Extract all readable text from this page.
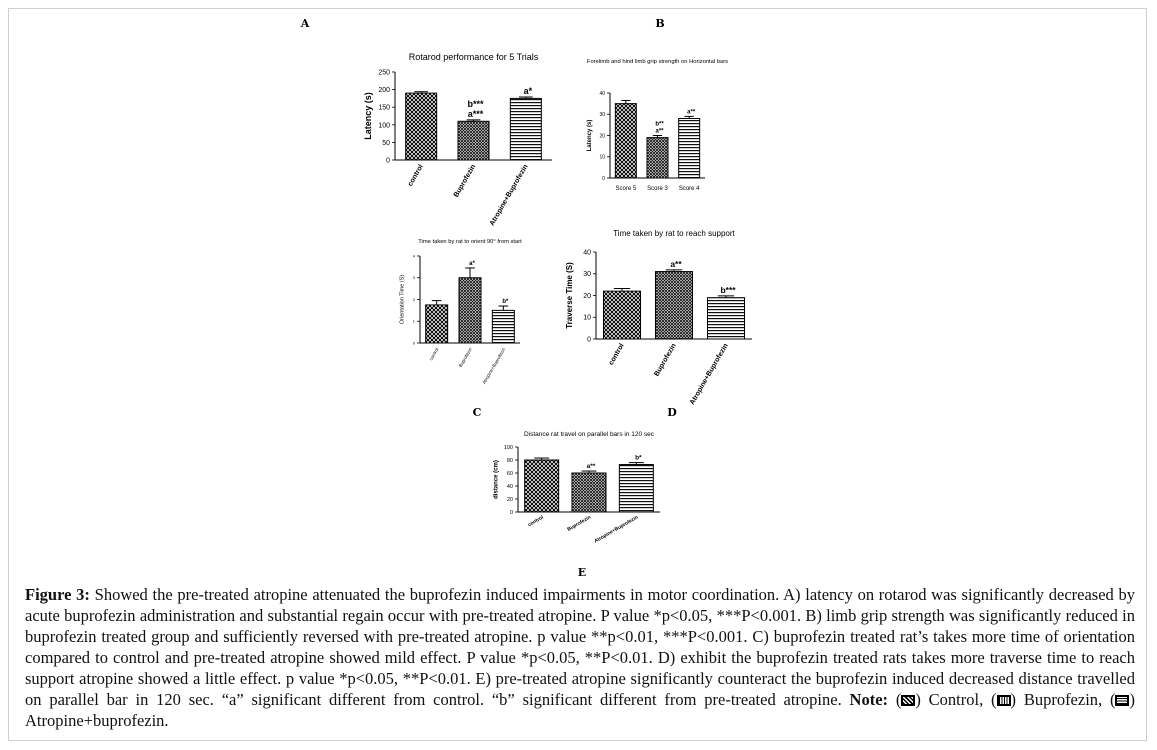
A	B
C	D
E
Rotarod performance for 5 Trials
0
50
100
150
200
250
Latency (s)
control
b***
a***
Buprofezin
a*
Atropine+Buprofezin
Forelimb and hind limb grip strength on Horizontal bars
0
10
20
30
40
Latency (s)
Score 5
b**
a**
Score 3
a**
Score 4
Time taken by rat to orient 90° from start
0
1
2
3
4
Orientation Time (S)
control
a*
Buprofezin
b*
Atropine+Buprofezin
Time taken by rat to reach support
0
10
20
30
40
Traverse Time (S)
control
a**
Buprofezin
b***
Atropine+Buprofezin
Distance rat travel on parallel bars in 120 sec
0
20
40
60
80
100
distance (cm)
control
a**
Buprofezin
b*
Atropine+Buprofezin
Figure 3: Showed the pre-treated atropine attenuated the buprofezin induced impairments in motor coordination. A) latency on rotarod was significantly decreased by acute buprofezin administration and substantial regain occur with pre-treated atropine. P value *p<0.05, ***P<0.001. B) limb grip strength was significantly reduced in buprofezin treated group and sufficiently reversed with pre-treated atropine. p value **p<0.01, ***P<0.001. C) buprofezin treated rat’s takes more time of orientation compared to control and pre-treated atropine showed mild effect. P value *p<0.05, **P<0.01. D) exhibit the buprofezin treated rats takes more traverse time to reach support atropine showed a little effect. p value *p<0.05, **P<0.01. E) pre-treated atropine significantly counteract the buprofezin induced decreased distance travelled on parallel bar in 120 sec. “a” significant different from control. “b” significant different from pre-treated atropine. Note: ( ) Control, ( ) Buprofezin, ( ) Atropine+buprofezin.
